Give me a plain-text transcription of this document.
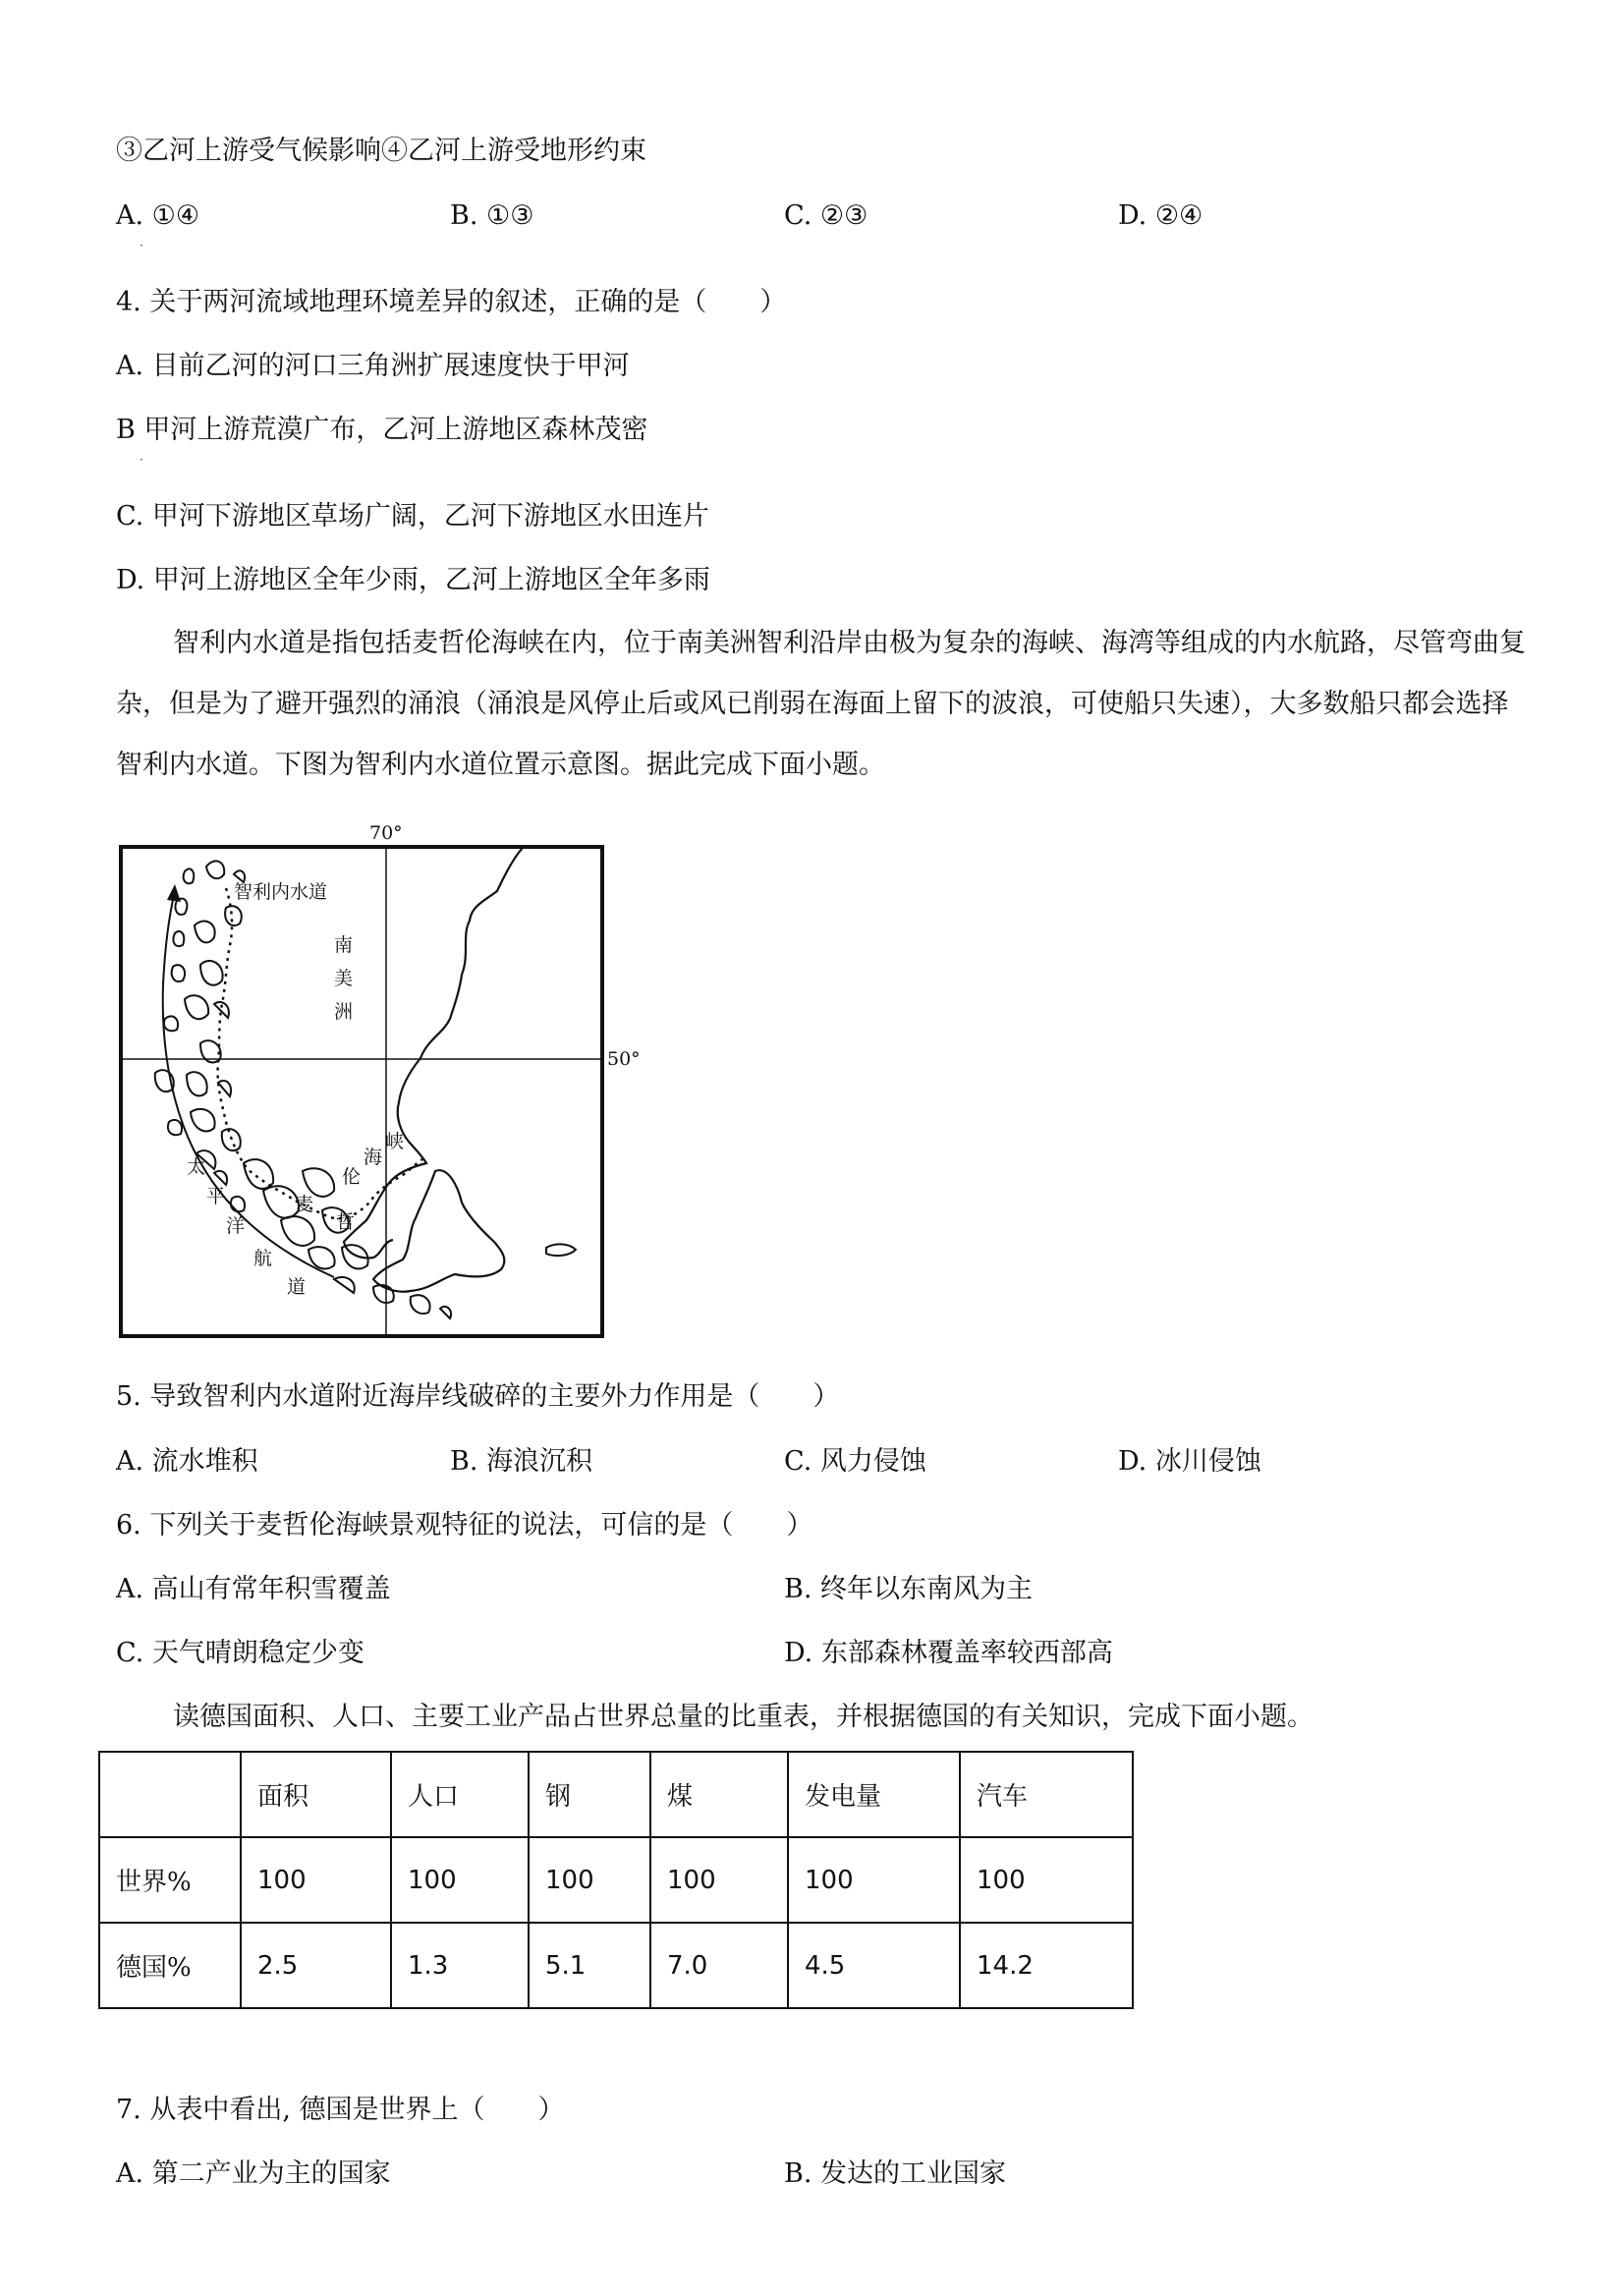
③乙河上游受气候影响④乙河上游受地形约束
A. ①④	B. ①③	C. ②③	D. ②④
·
4. 关于两河流域地理环境差异的叙述，正确的是（　　）
A. 目前乙河的河口三角洲扩展速度快于甲河
B 甲河上游荒漠广布，乙河上游地区森林茂密
·
C. 甲河下游地区草场广阔，乙河下游地区水田连片
D. 甲河上游地区全年少雨，乙河上游地区全年多雨
智利内水道是指包括麦哲伦海峡在内，位于南美洲智利沿岸由极为复杂的海峡、海湾等组成的内水航路，尽管弯曲复杂，但是为了避开强烈的涌浪（涌浪是风停止后或风已削弱在海面上留下的波浪，可使船只失速），大多数船只都会选择智利内水道。下图为智利内水道位置示意图。据此完成下面小题。
70°
50°
智利内水道
南
美
洲
海
峡
伦
麦
哲
太
平
洋
航
道
5. 导致智利内水道附近海岸线破碎的主要外力作用是（　　）
A. 流水堆积	B. 海浪沉积	C. 风力侵蚀	D. 冰川侵蚀
6. 下列关于麦哲伦海峡景观特征的说法，可信的是（　　）
A. 高山有常年积雪覆盖	B. 终年以东南风为主
C. 天气晴朗稳定少变	D. 东部森林覆盖率较西部高
读德国面积、人口、主要工业产品占世界总量的比重表，并根据德国的有关知识，完成下面小题。
	面积	人口	钢	煤	发电量	汽车
世界%	100	100	100	100	100	100
德国%	2.5	1.3	5.1	7.0	4.5	14.2
7. 从表中看出, 德国是世界上（　　）
A. 第二产业为主的国家	B. 发达的工业国家
